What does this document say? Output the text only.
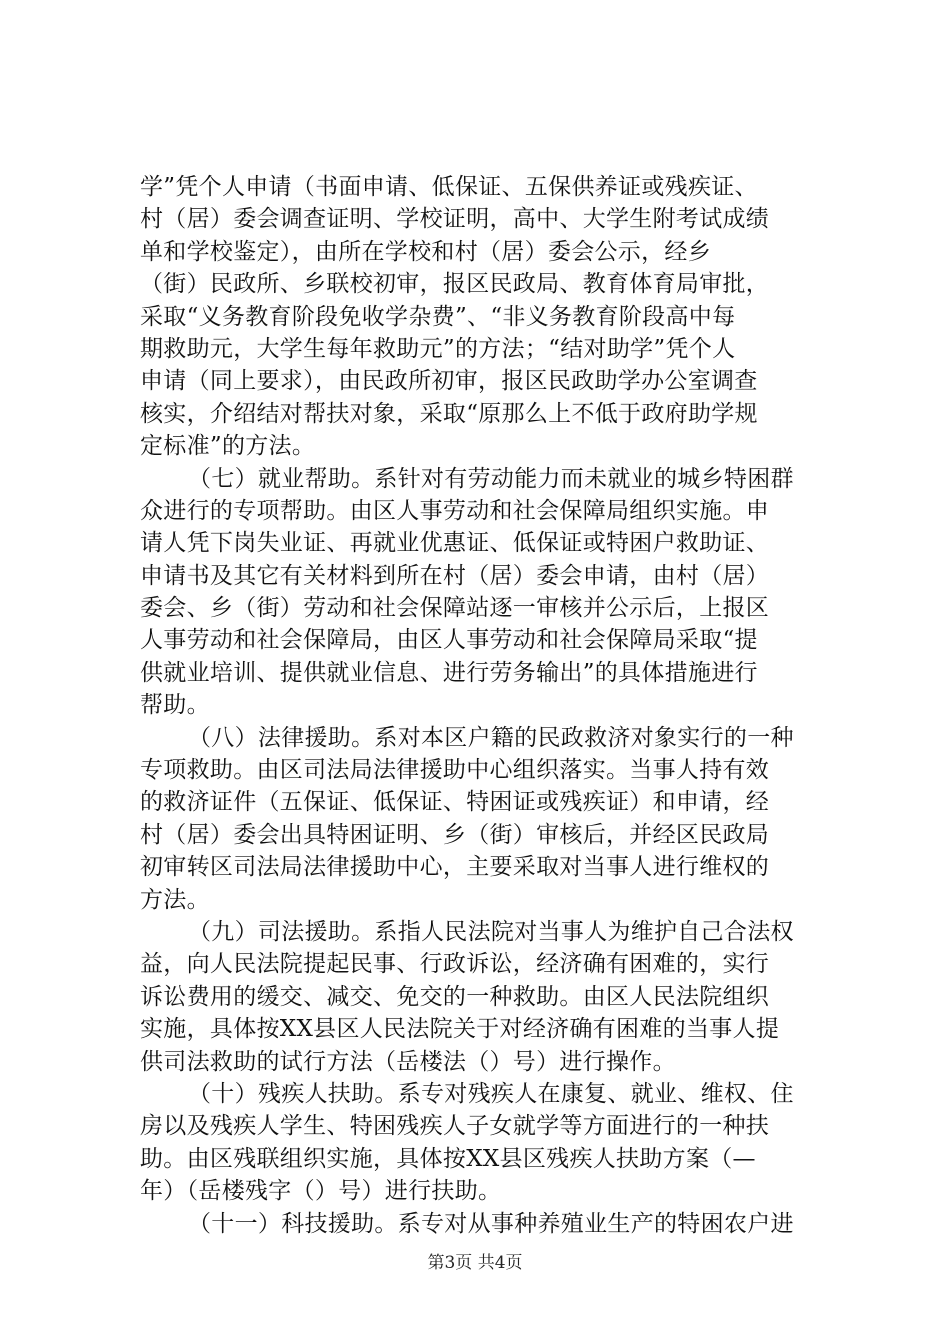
学”凭个人申请（书面申请、低保证、五保供养证或残疾证、
村（居）委会调查证明、学校证明，高中、大学生附考试成绩
单和学校鉴定），由所在学校和村（居）委会公示，经乡
（街）民政所、乡联校初审，报区民政局、教育体育局审批，
采取“义务教育阶段免收学杂费”、“非义务教育阶段高中每
期救助元，大学生每年救助元”的方法；“结对助学”凭个人
申请（同上要求），由民政所初审，报区民政助学办公室调查
核实，介绍结对帮扶对象，采取“原那么上不低于政府助学规
定标准”的方法。
（七）就业帮助。系针对有劳动能力而未就业的城乡特困群
众进行的专项帮助。由区人事劳动和社会保障局组织实施。申
请人凭下岗失业证、再就业优惠证、低保证或特困户救助证、
申请书及其它有关材料到所在村（居）委会申请，由村（居）
委会、乡（街）劳动和社会保障站逐一审核并公示后，上报区
人事劳动和社会保障局，由区人事劳动和社会保障局采取“提
供就业培训、提供就业信息、进行劳务输出”的具体措施进行
帮助。
（八）法律援助。系对本区户籍的民政救济对象实行的一种
专项救助。由区司法局法律援助中心组织落实。当事人持有效
的救济证件（五保证、低保证、特困证或残疾证）和申请，经
村（居）委会出具特困证明、乡（街）审核后，并经区民政局
初审转区司法局法律援助中心，主要采取对当事人进行维权的
方法。
（九）司法援助。系指人民法院对当事人为维护自己合法权
益，向人民法院提起民事、行政诉讼，经济确有困难的，实行
诉讼费用的缓交、减交、免交的一种救助。由区人民法院组织
实施，具体按XX县区人民法院关于对经济确有困难的当事人提
供司法救助的试行方法（岳楼法（）号）进行操作。
（十）残疾人扶助。系专对残疾人在康复、就业、维权、住
房以及残疾人学生、特困残疾人子女就学等方面进行的一种扶
助。由区残联组织实施，具体按XX县区残疾人扶助方案（—
年）（岳楼残字（）号）进行扶助。
（十一）科技援助。系专对从事种养殖业生产的特困农户进
第3页 共4页
